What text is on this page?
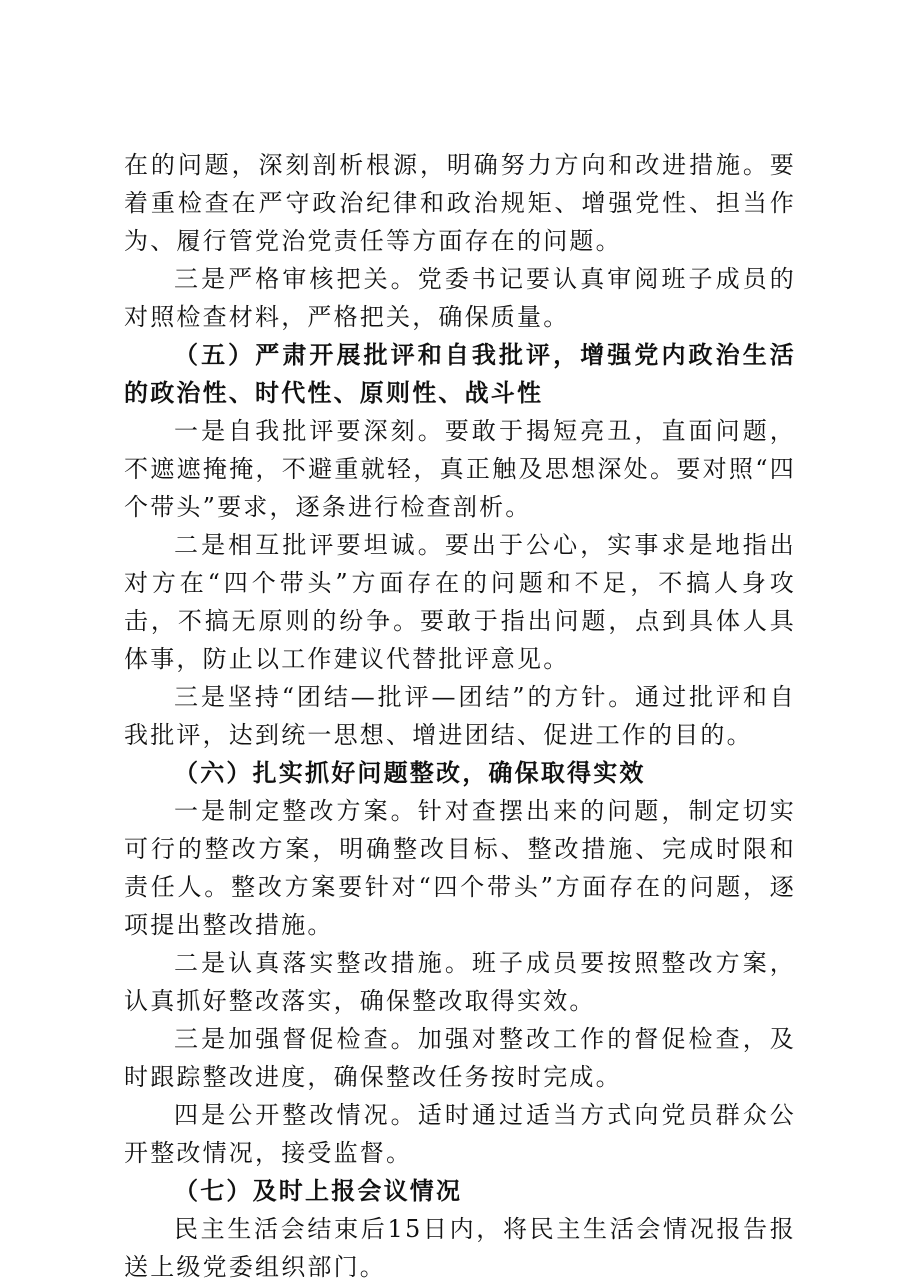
在的问题，深刻剖析根源，明确努力方向和改进措施。要着重检查在严守政治纪律和政治规矩、增强党性、担当作为、履行管党治党责任等方面存在的问题。

三是严格审核把关。党委书记要认真审阅班子成员的对照检查材料，严格把关，确保质量。

（五）严肃开展批评和自我批评，增强党内政治生活的政治性、时代性、原则性、战斗性

一是自我批评要深刻。要敢于揭短亮丑，直面问题，不遮遮掩掩，不避重就轻，真正触及思想深处。要对照“四个带头”要求，逐条进行检查剖析。

二是相互批评要坦诚。要出于公心，实事求是地指出对方在“四个带头”方面存在的问题和不足，不搞人身攻击，不搞无原则的纷争。要敢于指出问题，点到具体人具体事，防止以工作建议代替批评意见。

三是坚持“团结—批评—团结”的方针。通过批评和自我批评，达到统一思想、增进团结、促进工作的目的。

（六）扎实抓好问题整改，确保取得实效

一是制定整改方案。针对查摆出来的问题，制定切实可行的整改方案，明确整改目标、整改措施、完成时限和责任人。整改方案要针对“四个带头”方面存在的问题，逐项提出整改措施。

二是认真落实整改措施。班子成员要按照整改方案，认真抓好整改落实，确保整改取得实效。

三是加强督促检查。加强对整改工作的督促检查，及时跟踪整改进度，确保整改任务按时完成。

四是公开整改情况。适时通过适当方式向党员群众公开整改情况，接受监督。

（七）及时上报会议情况

民主生活会结束后15日内，将民主生活会情况报告报送上级党委组织部门。
